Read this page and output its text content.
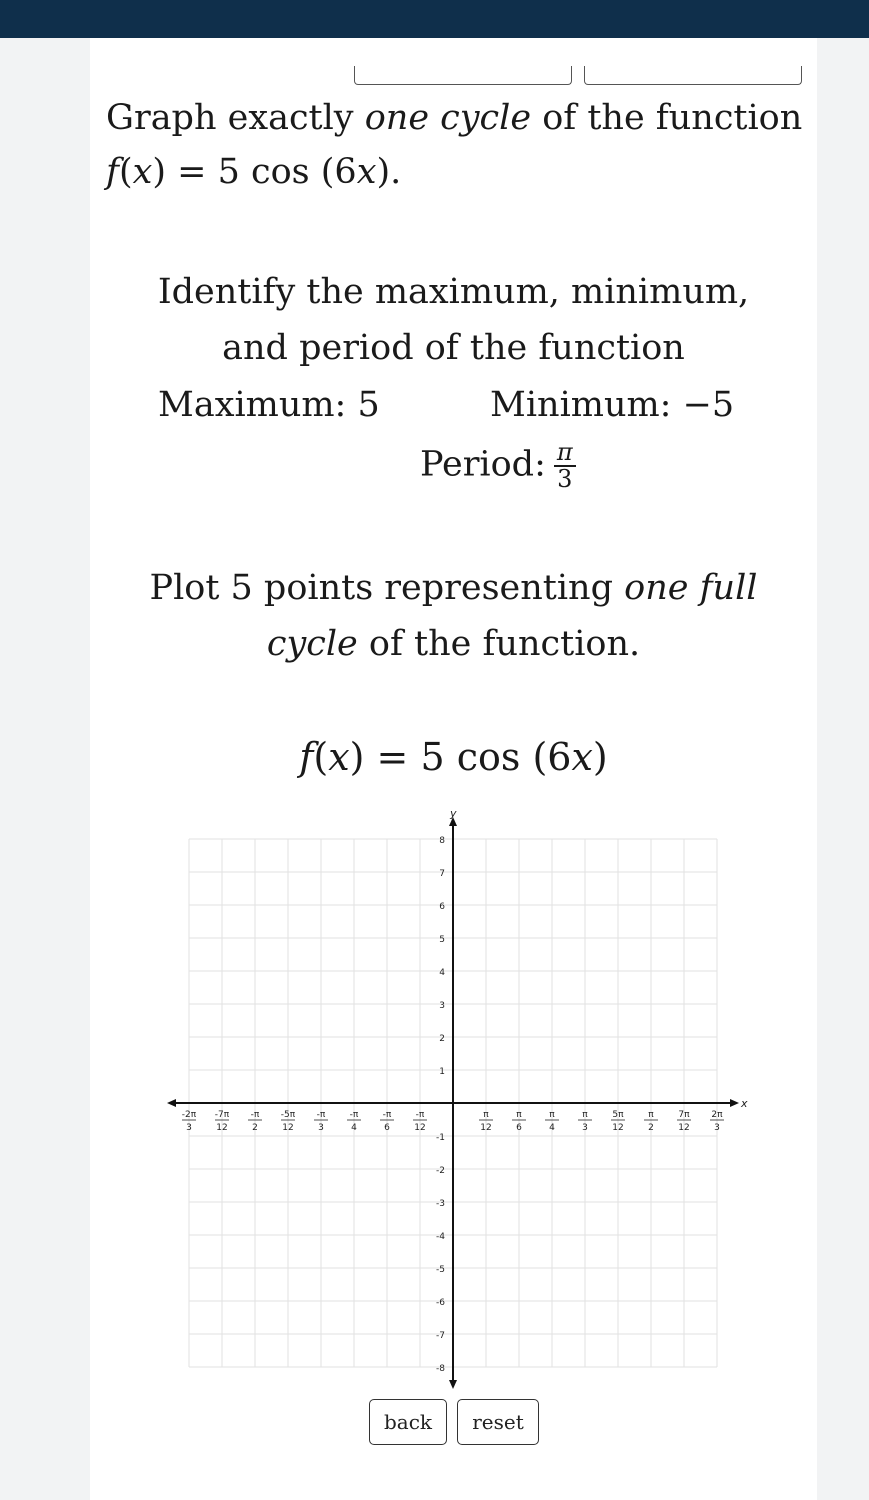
Graph exactly one cycle of the function
f(x) = 5 cos (6x).
Identify the maximum, minimum,
and period of the function
Maximum: 5	Minimum: −5
Period: $\frac{\pi}{3}$
Plot 5 points representing one full
cycle of the function.
f(x) = 5 cos (6x)
x
y
-2π
3
-7π
12
-π
2
-5π
12
-π
3
-π
4
-π
6
-π
12
π
12
π
6
π
4
π
3
5π
12
π
2
7π
12
2π
3
8
7
6
5
4
3
2
1
-1
-2
-3
-4
-5
-6
-7
-8
back	reset
